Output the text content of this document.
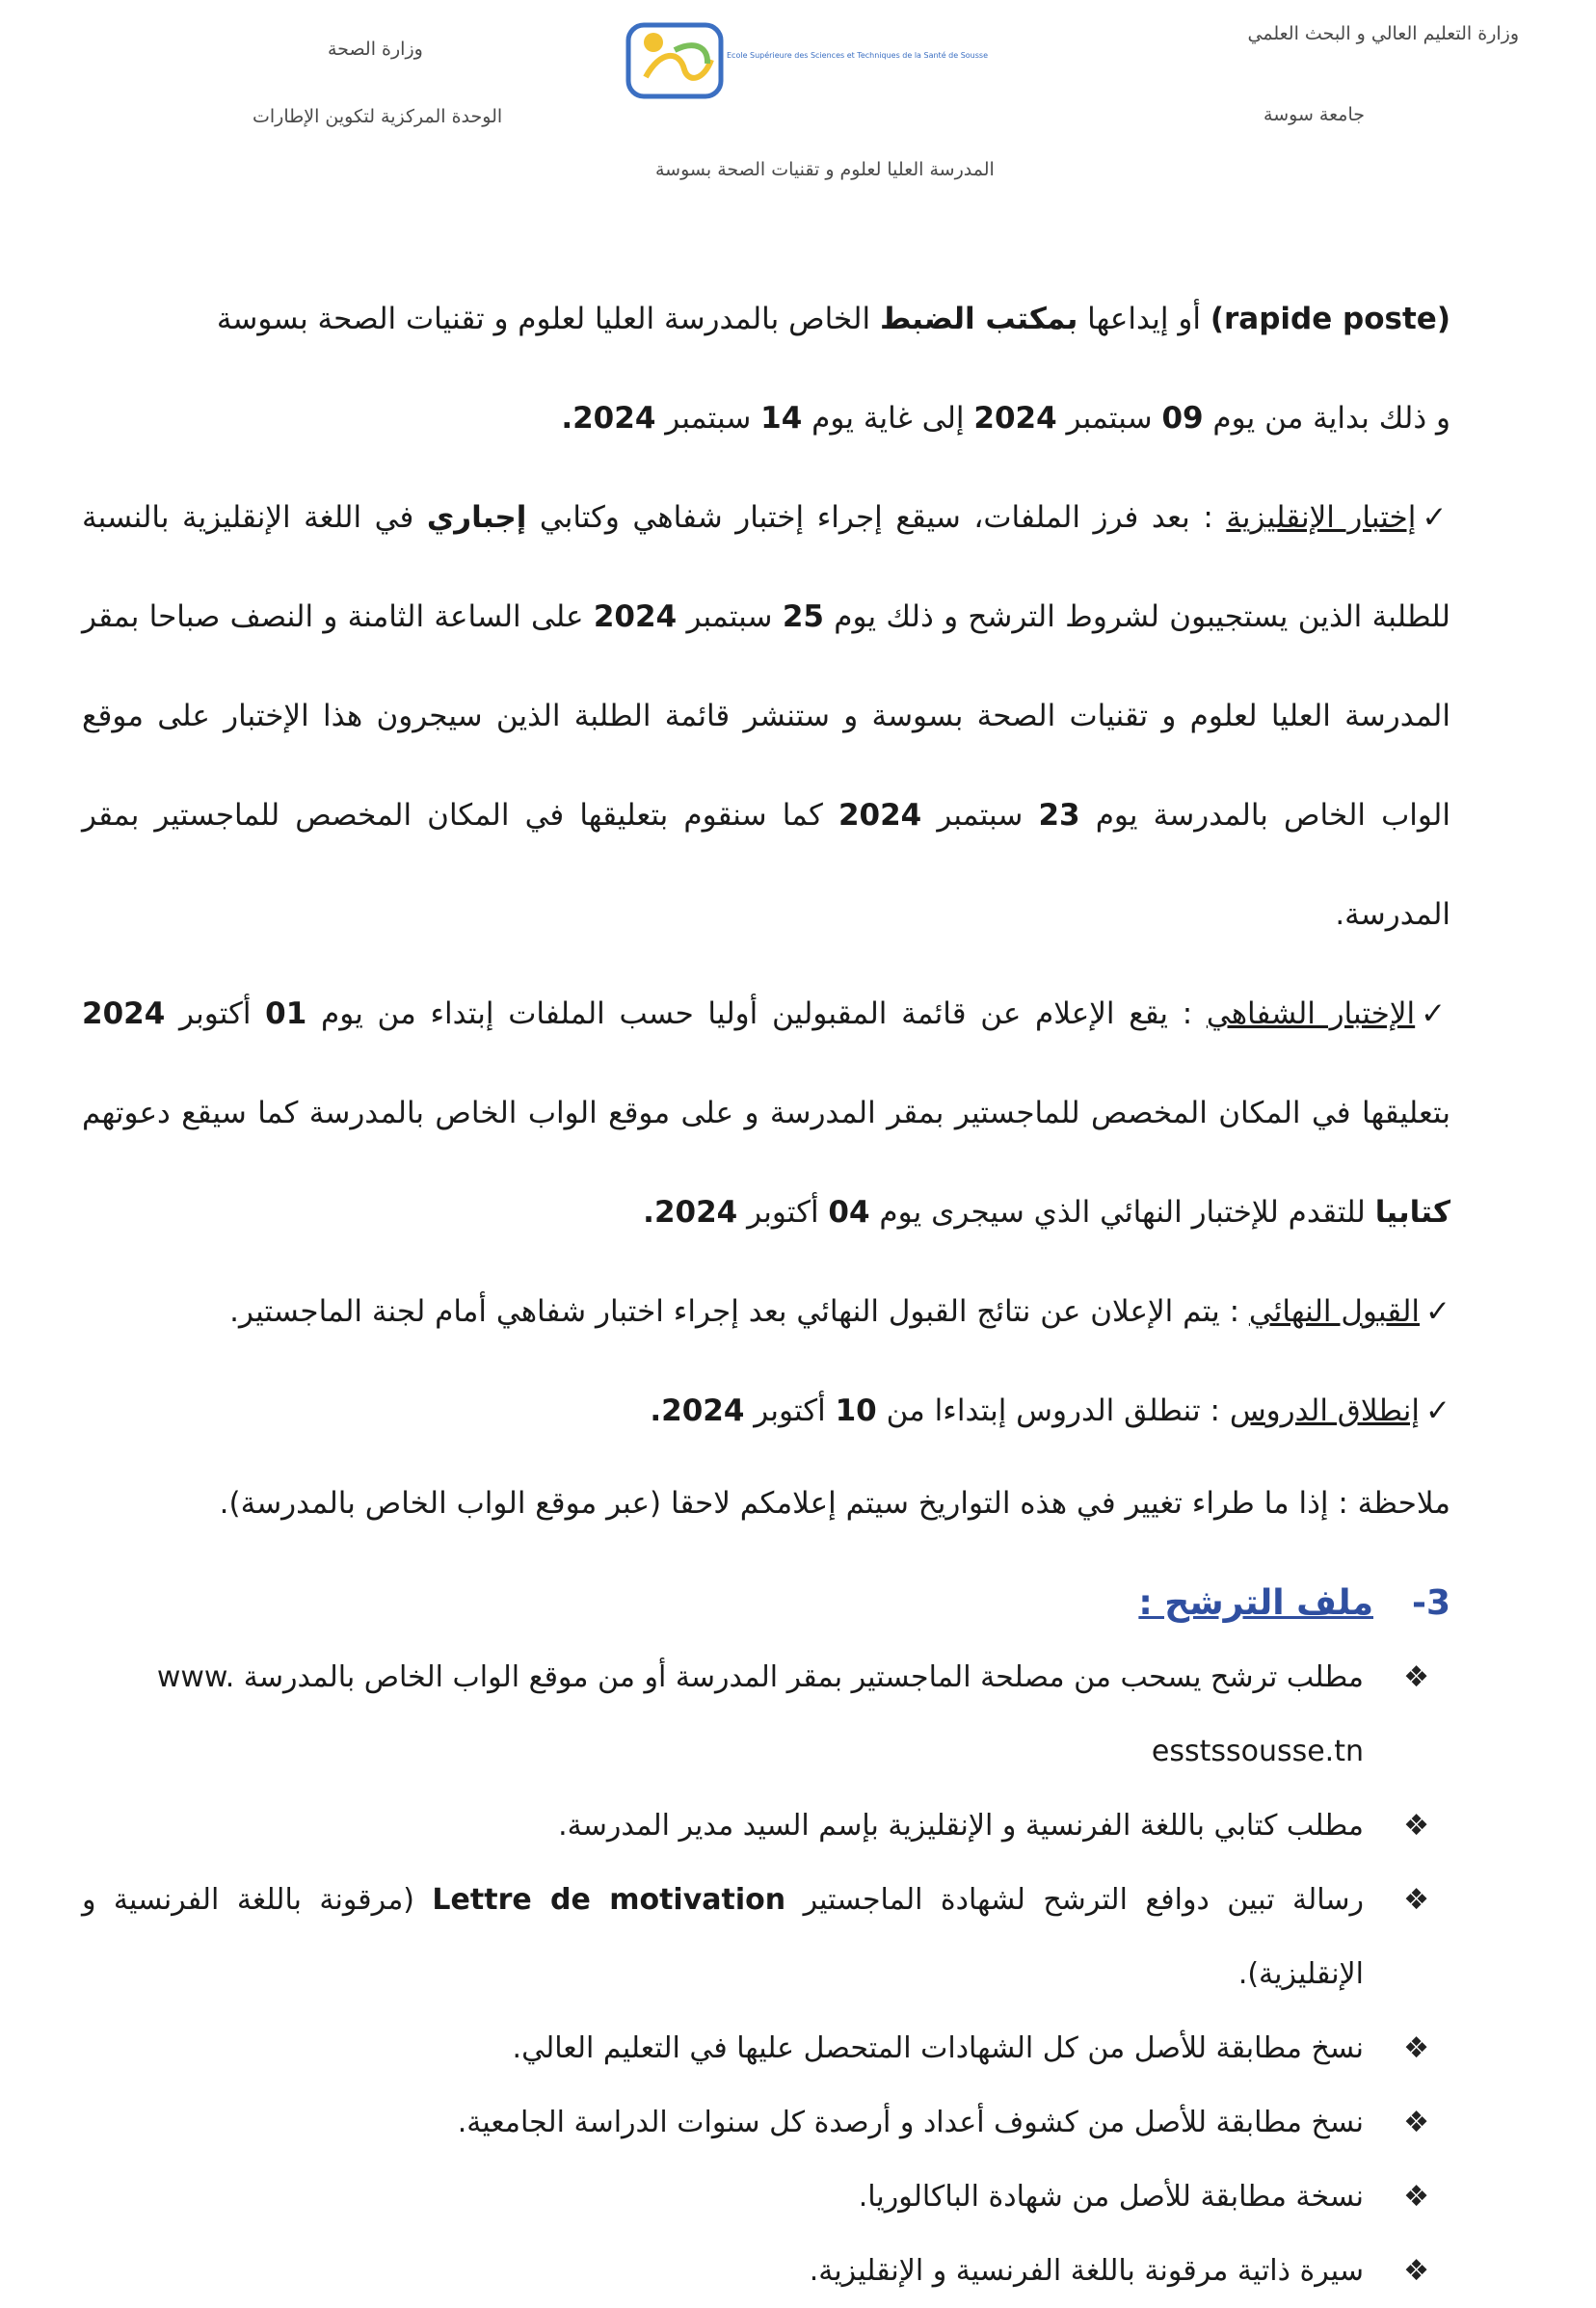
وزارة التعليم العالي و البحث العلمي
جامعة سوسة
وزارة الصحة
الوحدة المركزية لتكوين الإطارات
المدرسة العليا لعلوم و تقنيات الصحة بسوسة
Ecole Supérieure des Sciences et Techniques de la Santé de Sousse

(rapide poste) أو إيداعها بمكتب الضبط الخاص بالمدرسة العليا لعلوم و تقنيات الصحة بسوسة

و ذلك بداية من يوم 09 سبتمبر 2024 إلى غاية يوم 14 سبتمبر 2024.

✓إختبار الإنقليزية : بعد فرز الملفات، سيقع إجراء إختبار شفاهي وكتابي إجباري في اللغة الإنقليزية بالنسبة للطلبة الذين يستجيبون لشروط الترشح و ذلك يوم 25 سبتمبر 2024 على الساعة الثامنة و النصف صباحا بمقر المدرسة العليا لعلوم و تقنيات الصحة بسوسة و ستنشر قائمة الطلبة الذين سيجرون هذا الإختبار على موقع الواب الخاص بالمدرسة يوم 23 سبتمبر 2024 كما سنقوم بتعليقها في المكان المخصص للماجستير بمقر المدرسة.

✓الإختبار الشفاهي : يقع الإعلام عن قائمة المقبولين أوليا حسب الملفات إبتداء من يوم 01 أكتوبر 2024 بتعليقها في المكان المخصص للماجستير بمقر المدرسة و على موقع الواب الخاص بالمدرسة كما سيقع دعوتهم كتابيا للتقدم للإختبار النهائي الذي سيجرى يوم 04 أكتوبر 2024.

✓القبول النهائي : يتم الإعلان عن نتائج القبول النهائي بعد إجراء اختبار شفاهي أمام لجنة الماجستير.

✓إنطلاق الدروس : تنطلق الدروس إبتداءا من 10 أكتوبر 2024.

ملاحظة : إذا ما طراء تغيير في هذه التواريخ سيتم إعلامكم لاحقا (عبر موقع الواب الخاص بالمدرسة).

-3ملف الترشح :
❖
مطلب ترشح يسحب من مصلحة الماجستير بمقر المدرسة أو من موقع الواب الخاص بالمدرسة www.
esstssousse.tn
❖
مطلب كتابي باللغة الفرنسية و الإنقليزية بإسم السيد مدير المدرسة.
❖
رسالة تبين دوافع الترشح لشهادة الماجستير Lettre de motivation (مرقونة باللغة الفرنسية و الإنقليزية).
❖
نسخ مطابقة للأصل من كل الشهادات المتحصل عليها في التعليم العالي.
❖
نسخ مطابقة للأصل من كشوف أعداد و أرصدة كل سنوات الدراسة الجامعية.
❖
نسخة مطابقة للأصل من شهادة الباكالوريا.
❖
سيرة ذاتية مرقونة باللغة الفرنسية و الإنقليزية.
